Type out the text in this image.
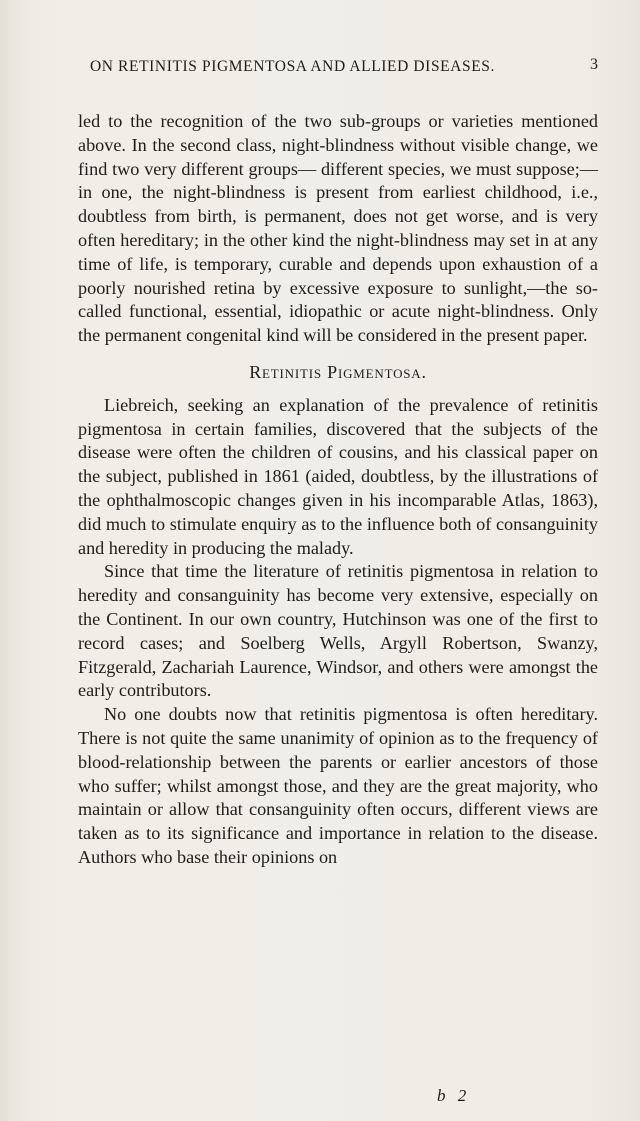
ON RETINITIS PIGMENTOSA AND ALLIED DISEASES.	3

led to the recognition of the two sub-groups or varieties mentioned above. In the second class, night-blindness without visible change, we find two very different groups— different species, we must suppose;—in one, the night-blindness is present from earliest childhood, i.e., doubtless from birth, is permanent, does not get worse, and is very often hereditary; in the other kind the night-blindness may set in at any time of life, is temporary, curable and depends upon exhaustion of a poorly nourished retina by excessive exposure to sunlight,—the so-called functional, essential, idiopathic or acute night-blindness. Only the permanent congenital kind will be considered in the present paper.

Retinitis Pigmentosa.

Liebreich, seeking an explanation of the prevalence of retinitis pigmentosa in certain families, discovered that the subjects of the disease were often the children of cousins, and his classical paper on the subject, published in 1861 (aided, doubtless, by the illustrations of the ophthalmoscopic changes given in his incomparable Atlas, 1863), did much to stimulate enquiry as to the influence both of consanguinity and heredity in producing the malady.

Since that time the literature of retinitis pigmentosa in relation to heredity and consanguinity has become very extensive, especially on the Continent. In our own country, Hutchinson was one of the first to record cases; and Soelberg Wells, Argyll Robertson, Swanzy, Fitzgerald, Zachariah Laurence, Windsor, and others were amongst the early contributors.

No one doubts now that retinitis pigmentosa is often hereditary. There is not quite the same unanimity of opinion as to the frequency of blood-relationship between the parents or earlier ancestors of those who suffer; whilst amongst those, and they are the great majority, who maintain or allow that consanguinity often occurs, different views are taken as to its significance and importance in relation to the disease. Authors who base their opinions on

b 2
